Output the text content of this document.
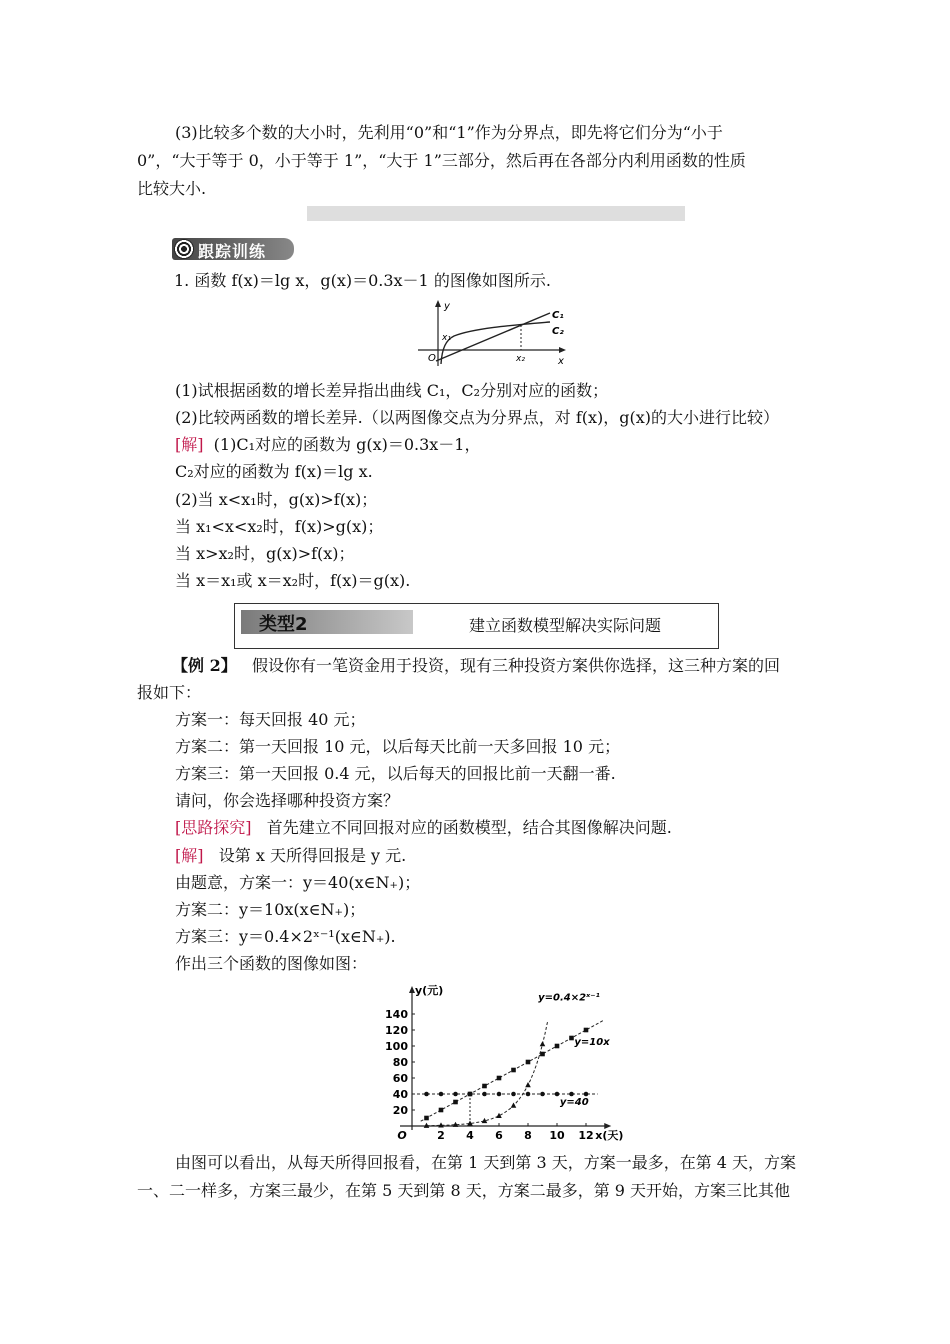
(3)比较多个数的大小时，先利用“0”和“1”作为分界点，即先将它们分为“小于
0”，“大于等于 0，小于等于 1”，“大于 1”三部分，然后再在各部分内利用函数的性质
比较大小.
跟踪训练
1. 函数 f(x)＝lg x，g(x)＝0.3x－1 的图像如图所示.
y
x
O
x₁
x₂
C₁
C₂
(1)试根据函数的增长差异指出曲线 C₁，C₂分别对应的函数；
(2)比较两函数的增长差异.（以两图像交点为分界点，对 f(x)，g(x)的大小进行比较）
[解] (1)C₁对应的函数为 g(x)＝0.3x－1，
C₂对应的函数为 f(x)＝lg x.
(2)当 x<x₁时，g(x)>f(x)；
当 x₁<x<x₂时，f(x)>g(x)；
当 x>x₂时，g(x)>f(x)；
当 x＝x₁或 x＝x₂时，f(x)＝g(x).
类型2	建立函数模型解决实际问题
【例 2】 假设你有一笔资金用于投资，现有三种投资方案供你选择，这三种方案的回
报如下：
方案一：每天回报 40 元；
方案二：第一天回报 10 元，以后每天比前一天多回报 10 元；
方案三：第一天回报 0.4 元，以后每天的回报比前一天翻一番.
请问，你会选择哪种投资方案？
[思路探究] 首先建立不同回报对应的函数模型，结合其图像解决问题.
[解] 设第 x 天所得回报是 y 元.
由题意，方案一：y＝40(x∈N₊)；
方案二：y＝10x(x∈N₊)；
方案三：y＝0.4×2ˣ⁻¹(x∈N₊).
作出三个函数的图像如图：
2 4 6 8 10 12
20
40
60
80
100
120
140
O
y(元)
x(天)
y=0.4×2ˣ⁻¹
y=10x
y=40
由图可以看出，从每天所得回报看，在第 1 天到第 3 天，方案一最多，在第 4 天，方案
一、二一样多，方案三最少，在第 5 天到第 8 天，方案二最多，第 9 天开始，方案三比其他
